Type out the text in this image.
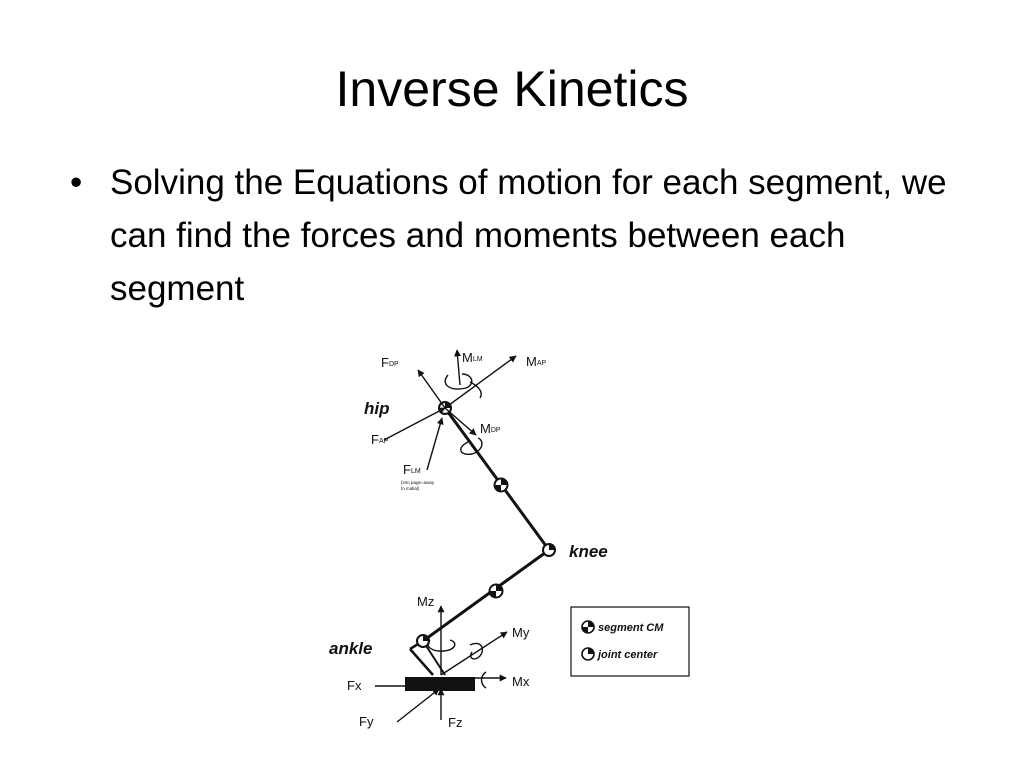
Inverse Kinetics
• Solving the Equations of motion for each segment, we can find the forces and moments between each segment
FDP	MLM	MAP
hip
FAP
MDP
FLM
(into page=away
fo midial)
knee
ankle
Mz
My
Mx
Fx
Fy	Fz
segment CM
joint center
